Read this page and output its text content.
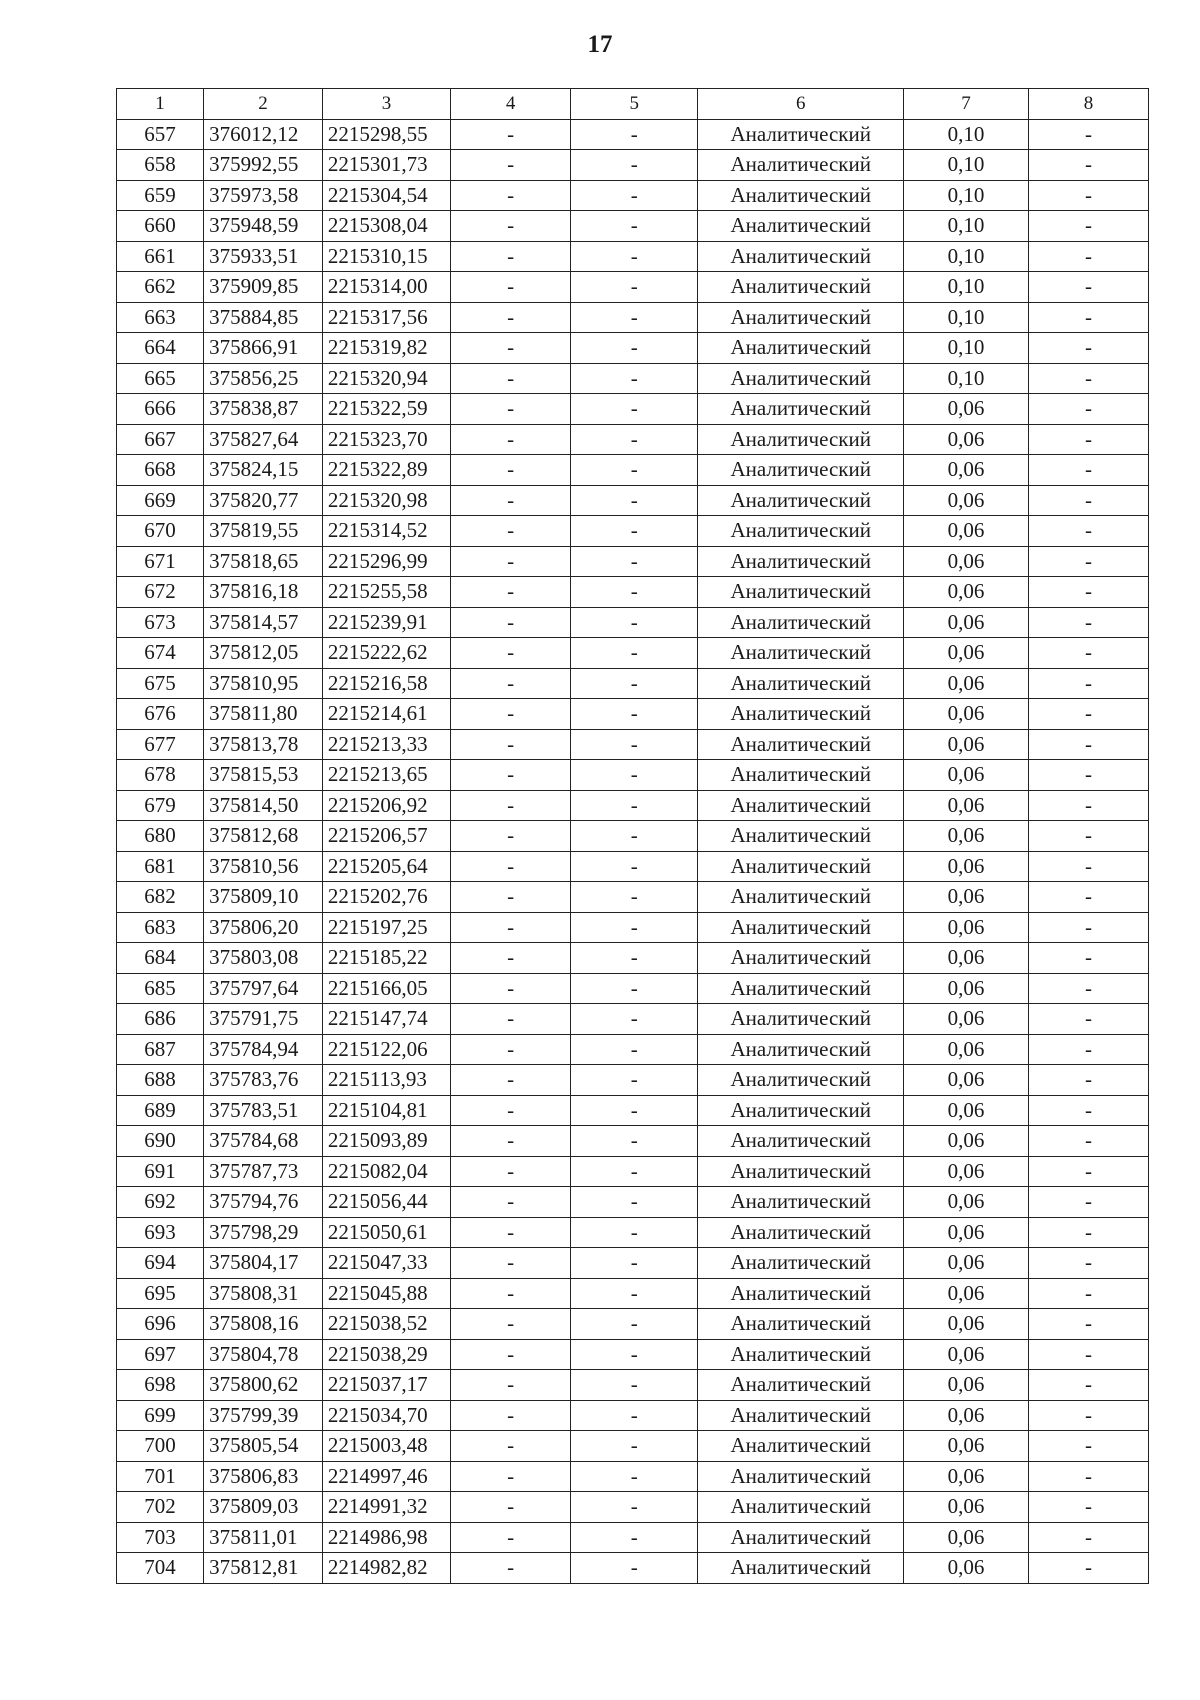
17
1	2	3	4	5	6	7	8
657	376012,12	2215298,55	-	-	Аналитический	0,10	-
658	375992,55	2215301,73	-	-	Аналитический	0,10	-
659	375973,58	2215304,54	-	-	Аналитический	0,10	-
660	375948,59	2215308,04	-	-	Аналитический	0,10	-
661	375933,51	2215310,15	-	-	Аналитический	0,10	-
662	375909,85	2215314,00	-	-	Аналитический	0,10	-
663	375884,85	2215317,56	-	-	Аналитический	0,10	-
664	375866,91	2215319,82	-	-	Аналитический	0,10	-
665	375856,25	2215320,94	-	-	Аналитический	0,10	-
666	375838,87	2215322,59	-	-	Аналитический	0,06	-
667	375827,64	2215323,70	-	-	Аналитический	0,06	-
668	375824,15	2215322,89	-	-	Аналитический	0,06	-
669	375820,77	2215320,98	-	-	Аналитический	0,06	-
670	375819,55	2215314,52	-	-	Аналитический	0,06	-
671	375818,65	2215296,99	-	-	Аналитический	0,06	-
672	375816,18	2215255,58	-	-	Аналитический	0,06	-
673	375814,57	2215239,91	-	-	Аналитический	0,06	-
674	375812,05	2215222,62	-	-	Аналитический	0,06	-
675	375810,95	2215216,58	-	-	Аналитический	0,06	-
676	375811,80	2215214,61	-	-	Аналитический	0,06	-
677	375813,78	2215213,33	-	-	Аналитический	0,06	-
678	375815,53	2215213,65	-	-	Аналитический	0,06	-
679	375814,50	2215206,92	-	-	Аналитический	0,06	-
680	375812,68	2215206,57	-	-	Аналитический	0,06	-
681	375810,56	2215205,64	-	-	Аналитический	0,06	-
682	375809,10	2215202,76	-	-	Аналитический	0,06	-
683	375806,20	2215197,25	-	-	Аналитический	0,06	-
684	375803,08	2215185,22	-	-	Аналитический	0,06	-
685	375797,64	2215166,05	-	-	Аналитический	0,06	-
686	375791,75	2215147,74	-	-	Аналитический	0,06	-
687	375784,94	2215122,06	-	-	Аналитический	0,06	-
688	375783,76	2215113,93	-	-	Аналитический	0,06	-
689	375783,51	2215104,81	-	-	Аналитический	0,06	-
690	375784,68	2215093,89	-	-	Аналитический	0,06	-
691	375787,73	2215082,04	-	-	Аналитический	0,06	-
692	375794,76	2215056,44	-	-	Аналитический	0,06	-
693	375798,29	2215050,61	-	-	Аналитический	0,06	-
694	375804,17	2215047,33	-	-	Аналитический	0,06	-
695	375808,31	2215045,88	-	-	Аналитический	0,06	-
696	375808,16	2215038,52	-	-	Аналитический	0,06	-
697	375804,78	2215038,29	-	-	Аналитический	0,06	-
698	375800,62	2215037,17	-	-	Аналитический	0,06	-
699	375799,39	2215034,70	-	-	Аналитический	0,06	-
700	375805,54	2215003,48	-	-	Аналитический	0,06	-
701	375806,83	2214997,46	-	-	Аналитический	0,06	-
702	375809,03	2214991,32	-	-	Аналитический	0,06	-
703	375811,01	2214986,98	-	-	Аналитический	0,06	-
704	375812,81	2214982,82	-	-	Аналитический	0,06	-
